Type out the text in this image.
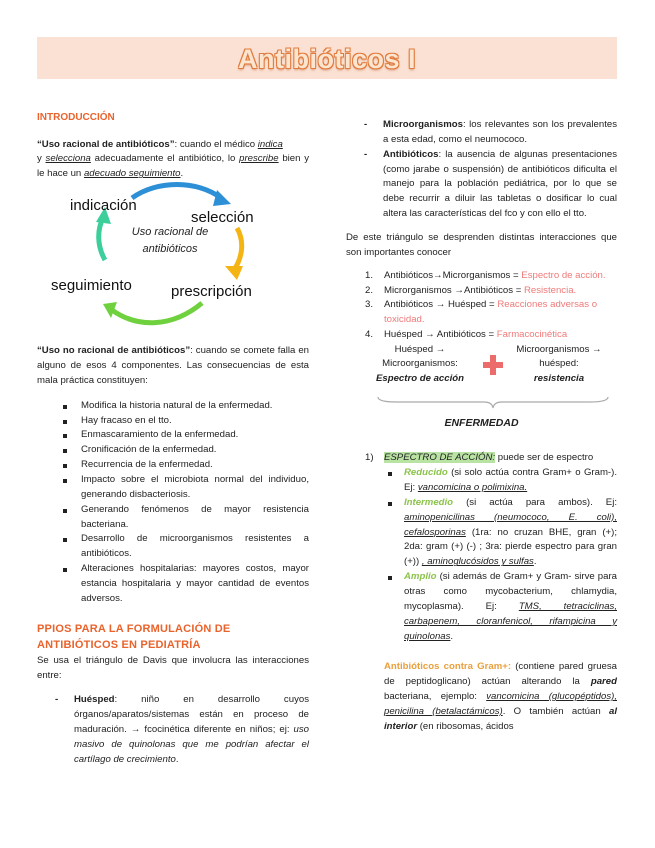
Antibióticos I
INTRODUCCIÓN

“Uso racional de antibióticos”: cuando el médico indica
y selecciona adecuadamente el antibiótico, lo prescribe bien y le hace un adecuado seguimiento.

indicación
selección
Uso racional de antibióticos
seguimiento	prescripción

“Uso no racional de antibióticos”: cuando se comete falla en alguno de esos 4 componentes. Las consecuencias de esta mala práctica constituyen:

Modifica la historia natural de la enfermedad.
Hay fracaso en el tto.
Enmascaramiento de la enfermedad.
Cronificación de la enfermedad.
Recurrencia de la enfermedad.
Impacto sobre el microbiota normal del individuo, generando disbacteriosis.
Generando fenómenos de mayor resistencia bacteriana.
Desarrollo de microorganismos resistentes a antibióticos.
Alteraciones hospitalarias: mayores costos, mayor estancia hospitalaria y mayor cantidad de eventos adversos.
PPIOS PARA LA FORMULACIÓN DE ANTIBIÓTICOS EN PEDIATRÍA

Se usa el triángulo de Davis que involucra las interacciones entre:

- Huésped: niño en desarrollo cuyos órganos/aparatos/sistemas están en proceso de maduración. → fcocinética diferente en niños; ej: uso masivo de quinolonas que me podrían afectar el cartílago de crecimiento.
- Microorganismos: los relevantes son los prevalentes a esta edad, como el neumococo.
- Antibióticos: la ausencia de algunas presentaciones (como jarabe o suspensión) de antibióticos dificulta el manejo para la población pediátrica, por lo que se debe recurrir a diluir las tabletas o dosificar lo cual altera las características del fco y con ello el tto.

De este triángulo se desprenden distintas interacciones que son importantes conocer

1. Antibióticos→Microrganismos = Espectro de acción.
2. Microrganismos →Antibióticos = Resistencia.
3. Antibióticos → Huésped = Reacciones adversas o toxicidad.
4. Huésped → Antibióticos = Farmacocinética
Huésped →
Microorganismos:
Espectro de acción
Microorganismos →
huésped:
resistencia
ENFERMEDAD
1) ESPECTRO DE ACCIÓN: puede ser de espectro
Reducido (si solo actúa contra Gram+ o Gram-). Ej: vancomicina o polimixina.
Intermedio (si actúa para ambos). Ej: aminopenicilinas (neumococo, E. coli), cefalosporinas (1ra: no cruzan BHE, gran (+); 2da: gram (+) (-) ; 3ra: pierde espectro para gran (+)) , aminoglucósidos y sulfas.
Amplio (si además de Gram+ y Gram- sirve para otras como mycobacterium, chlamydia, mycoplasma). Ej: TMS, tetraciclinas, carbapenem, cloranfenicol, rifampicina y quinolonas.

Antibióticos contra Gram+: (contiene pared gruesa de peptidoglicano) actúan alterando la pared bacteriana, ejemplo: vancomicina (glucopéptidos), penicilina (betalactámicos). O también actúan al interior (en ribosomas, ácidos
